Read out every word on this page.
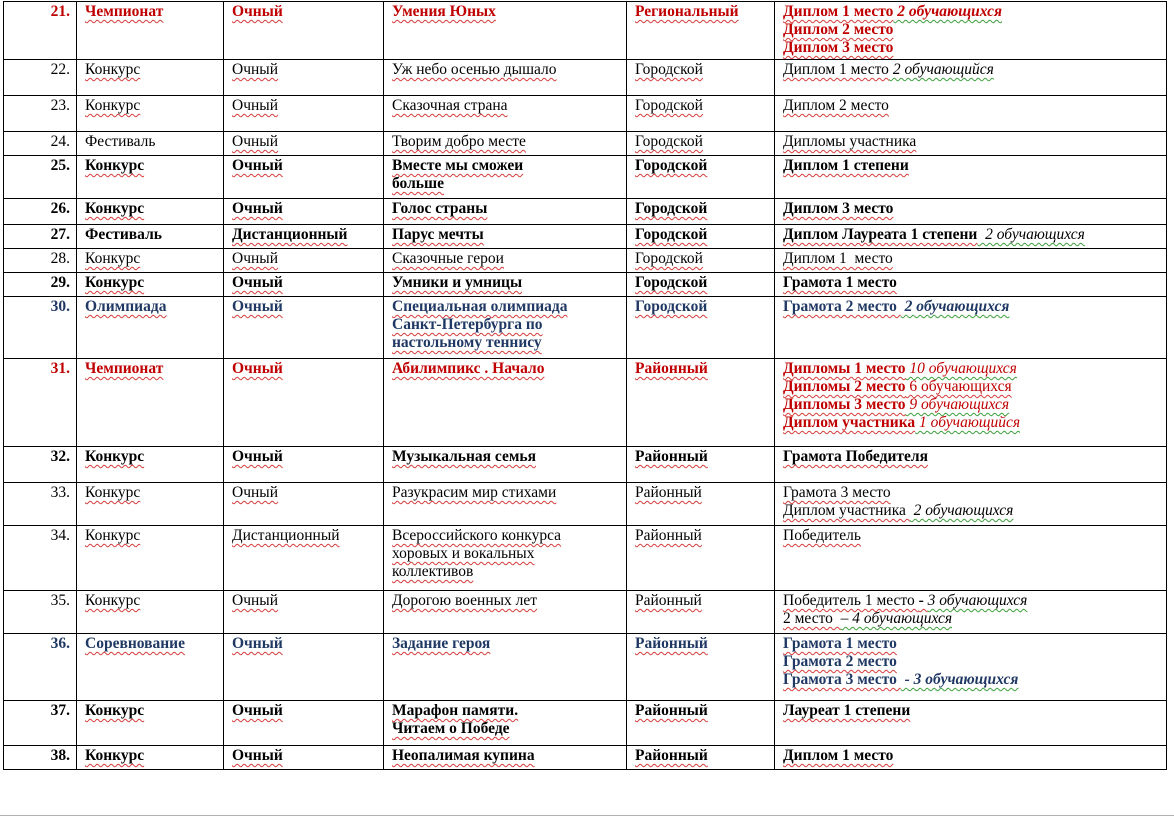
21.	Чемпионат	Очный	Умения Юных	Региональный	Диплом 1 место 2 обучающихся
Диплом 2 место
Диплом 3 место

22.	Конкурс	Очный	Уж небо осенью дышало	Городской	Диплом 1 место 2 обучающийся

23.	Конкурс	Очный	Сказочная страна	Городской	Диплом 2 место

24.	Фестиваль	Очный	Творим добро месте	Городской	Дипломы участника

25.	Конкурс	Очный	Вместе мы сможеи
больше	Городской	Диплом 1 степени

26.	Конкурс	Очный	Голос страны	Городской	Диплом 3 место

27.	Фестиваль	Дистанционный	Парус мечты	Городской	Диплом Лауреата 1 степени  2 обучающихся

28.	Конкурс	Очный	Сказочные герои	Городской	Диплом 1  место

29.	Конкурс	Очный	Умники и умницы	Городской	Грамота 1 место

30.	Олимпиада	Очный	Специальная олимпиада
Санкт-Петербурга по
настольному теннису	Городской	Грамота 2 место  2 обучающихся

31.	Чемпионат	Очный	Абилимпикс . Начало	Районный	Дипломы 1 место 10 обучающихся
Дипломы 2 место 6 обучающихся
Дипломы 3 место 9 обучающихся
Диплом участника 1 обучающийся

32.	Конкурс	Очный	Музыкальная семья	Районный	Грамота Победителя

33.	Конкурс	Очный	Разукрасим мир стихами	Районный	Грамота 3 место
Диплом участника  2 обучающихся

34.	Конкурс	Дистанционный	Всероссийского конкурса
хоровых и вокальных
коллективов	Районный	Победитель

35.	Конкурс	Очный	Дорогою военных лет	Районный	Победитель 1 место - 3 обучающихся
2 место  – 4 обучающихся

36.	Соревнование	Очный	Задание героя	Районный	Грамота 1 место
Грамота 2 место
Грамота 3 место  - 3 обучающихся

37.	Конкурс	Очный	Марафон памяти.
Читаем о Победе	Районный	Лауреат 1 степени

38.	Конкурс	Очный	Неопалимая купина	Районный	Диплом 1 место
